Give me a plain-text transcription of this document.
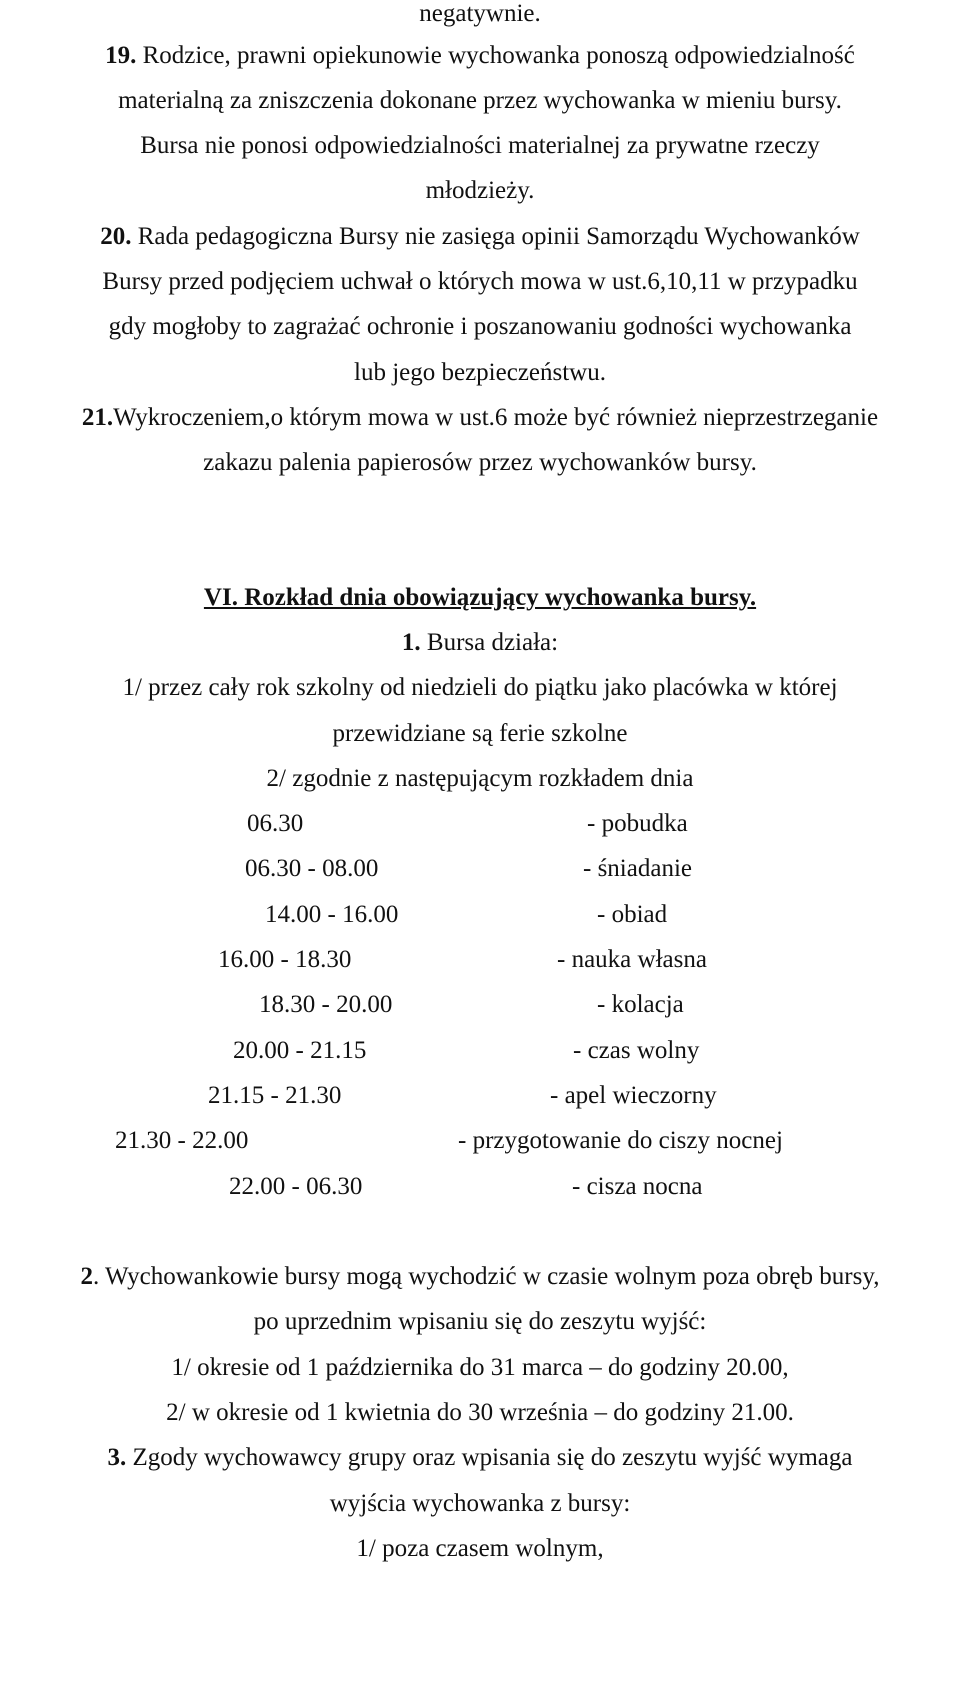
negatywnie.
19. Rodzice, prawni opiekunowie wychowanka ponoszą odpowiedzialność
materialną za zniszczenia dokonane przez wychowanka w mieniu bursy.
Bursa nie ponosi odpowiedzialności materialnej za prywatne rzeczy
młodzieży.
20. Rada pedagogiczna Bursy nie zasięga opinii Samorządu Wychowanków
Bursy przed podjęciem uchwał o których mowa w ust.6,10,11 w przypadku
gdy mogłoby to zagrażać ochronie i poszanowaniu godności wychowanka
lub jego bezpieczeństwu.
21.Wykroczeniem,o którym mowa w ust.6 może być również nieprzestrzeganie
zakazu palenia papierosów przez wychowanków bursy.
VI. Rozkład dnia obowiązujący wychowanka bursy.
1. Bursa działa:
1/ przez cały rok szkolny od niedzieli do piątku jako placówka w której
przewidziane są ferie szkolne
2/ zgodnie z następującym rozkładem dnia
06.30	- pobudka
06.30 - 08.00	- śniadanie
14.00 - 16.00	- obiad
16.00 - 18.30	- nauka własna
18.30 - 20.00	- kolacja
20.00 - 21.15	- czas wolny
21.15 - 21.30	- apel wieczorny
21.30 - 22.00	- przygotowanie do ciszy nocnej
22.00 - 06.30	- cisza nocna
2. Wychowankowie bursy mogą wychodzić w czasie wolnym poza obręb bursy,
po uprzednim wpisaniu się do zeszytu wyjść:
1/ okresie od 1 października do 31 marca – do godziny 20.00,
2/ w okresie od 1 kwietnia do 30 września – do godziny 21.00.
3. Zgody wychowawcy grupy oraz wpisania się do zeszytu wyjść wymaga
wyjścia wychowanka z bursy:
1/ poza czasem wolnym,
